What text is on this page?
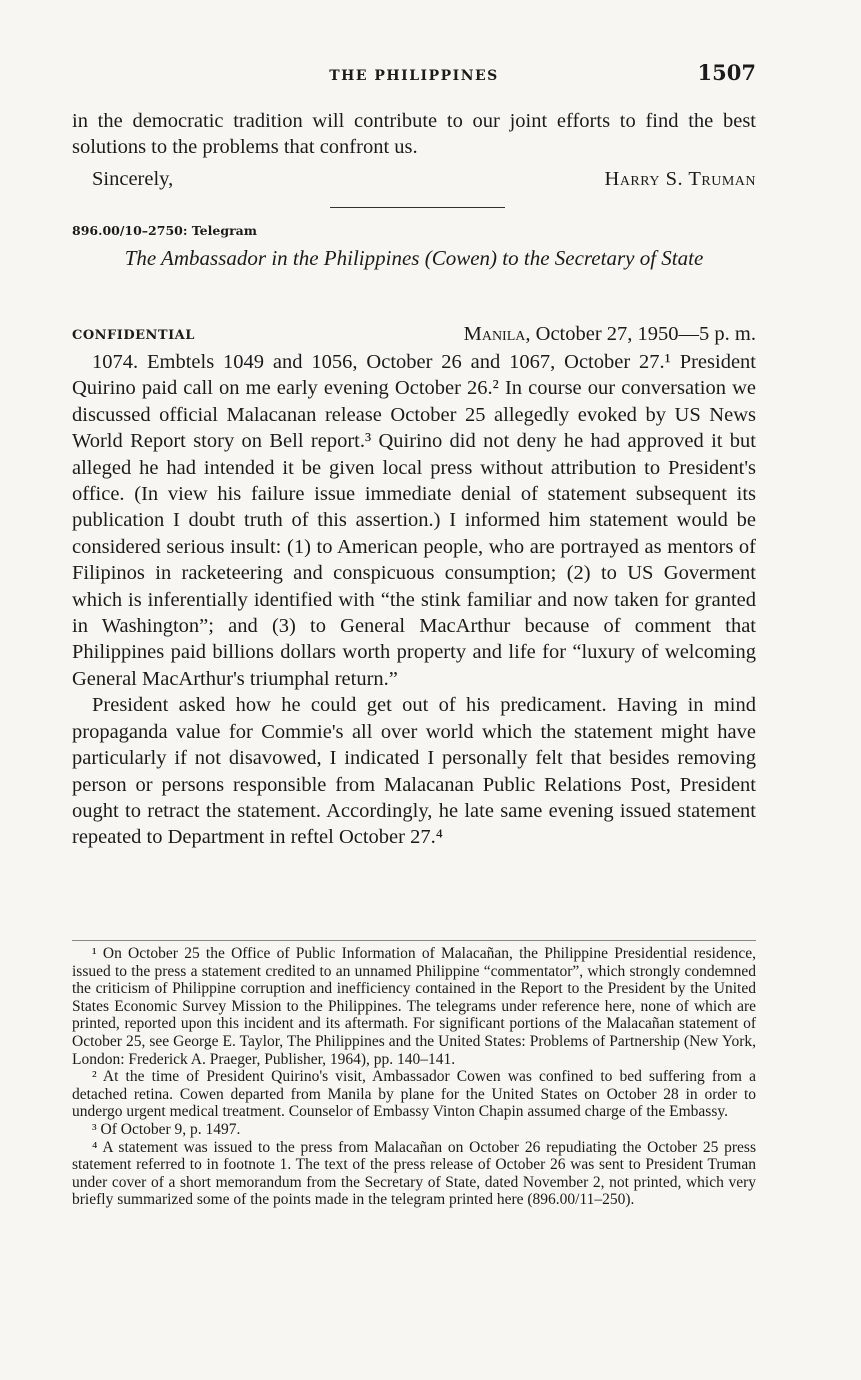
THE PHILIPPINES	1507

in the democratic tradition will contribute to our joint efforts to find the best solutions to the problems that confront us.

Sincerely,	Harry S. Truman
896.00/10–2750: Telegram
The Ambassador in the Philippines (Cowen) to the Secretary of State
CONFIDENTIAL	Manila, October 27, 1950—5 p. m.

1074. Embtels 1049 and 1056, October 26 and 1067, October 27.¹ President Quirino paid call on me early evening October 26.² In course our conversation we discussed official Malacanan release October 25 allegedly evoked by US News World Report story on Bell report.³ Quirino did not deny he had approved it but alleged he had intended it be given local press without attribution to President's office. (In view his failure issue immediate denial of statement subsequent its publication I doubt truth of this assertion.) I informed him statement would be considered serious insult: (1) to American people, who are portrayed as mentors of Filipinos in racketeering and conspicuous consumption; (2) to US Goverment which is inferentially identified with “the stink familiar and now taken for granted in Washington”; and (3) to General MacArthur because of comment that Philippines paid billions dollars worth property and life for “luxury of welcoming General MacArthur's triumphal return.”

President asked how he could get out of his predicament. Having in mind propaganda value for Commie's all over world which the statement might have particularly if not disavowed, I indicated I personally felt that besides removing person or persons responsible from Malacanan Public Relations Post, President ought to retract the statement. Accordingly, he late same evening issued statement repeated to Department in reftel October 27.⁴

¹ On October 25 the Office of Public Information of Malacañan, the Philippine Presidential residence, issued to the press a statement credited to an unnamed Philippine “commentator”, which strongly condemned the criticism of Philippine corruption and inefficiency contained in the Report to the President by the United States Economic Survey Mission to the Philippines. The telegrams under reference here, none of which are printed, reported upon this incident and its aftermath. For significant portions of the Malacañan statement of October 25, see George E. Taylor, The Philippines and the United States: Problems of Partnership (New York, London: Frederick A. Praeger, Publisher, 1964), pp. 140–141.

² At the time of President Quirino's visit, Ambassador Cowen was confined to bed suffering from a detached retina. Cowen departed from Manila by plane for the United States on October 28 in order to undergo urgent medical treatment. Counselor of Embassy Vinton Chapin assumed charge of the Embassy.

³ Of October 9, p. 1497.

⁴ A statement was issued to the press from Malacañan on October 26 repudiating the October 25 press statement referred to in footnote 1. The text of the press release of October 26 was sent to President Truman under cover of a short memorandum from the Secretary of State, dated November 2, not printed, which very briefly summarized some of the points made in the telegram printed here (896.00/11–250).
